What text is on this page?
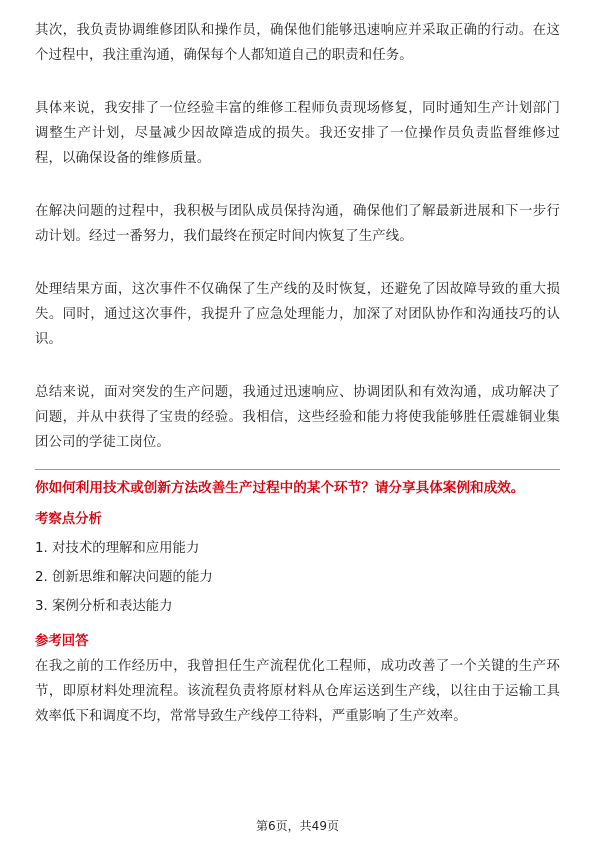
其次，我负责协调维修团队和操作员，确保他们能够迅速响应并采取正确的行动。在这个过程中，我注重沟通，确保每个人都知道自己的职责和任务。
具体来说，我安排了一位经验丰富的维修工程师负责现场修复，同时通知生产计划部门调整生产计划，尽量减少因故障造成的损失。我还安排了一位操作员负责监督维修过程，以确保设备的维修质量。
在解决问题的过程中，我积极与团队成员保持沟通，确保他们了解最新进展和下一步行动计划。经过一番努力，我们最终在预定时间内恢复了生产线。
处理结果方面，这次事件不仅确保了生产线的及时恢复，还避免了因故障导致的重大损失。同时，通过这次事件，我提升了应急处理能力，加深了对团队协作和沟通技巧的认识。
总结来说，面对突发的生产问题，我通过迅速响应、协调团队和有效沟通，成功解决了问题，并从中获得了宝贵的经验。我相信，这些经验和能力将使我能够胜任震雄铜业集团公司的学徒工岗位。
你如何利用技术或创新方法改善生产过程中的某个环节？请分享具体案例和成效。
考察点分析
1. 对技术的理解和应用能力
2. 创新思维和解决问题的能力
3. 案例分析和表达能力
参考回答
在我之前的工作经历中，我曾担任生产流程优化工程师，成功改善了一个关键的生产环节，即原材料处理流程。该流程负责将原材料从仓库运送到生产线，以往由于运输工具效率低下和调度不均，常常导致生产线停工待料，严重影响了生产效率。
第6页，共49页
